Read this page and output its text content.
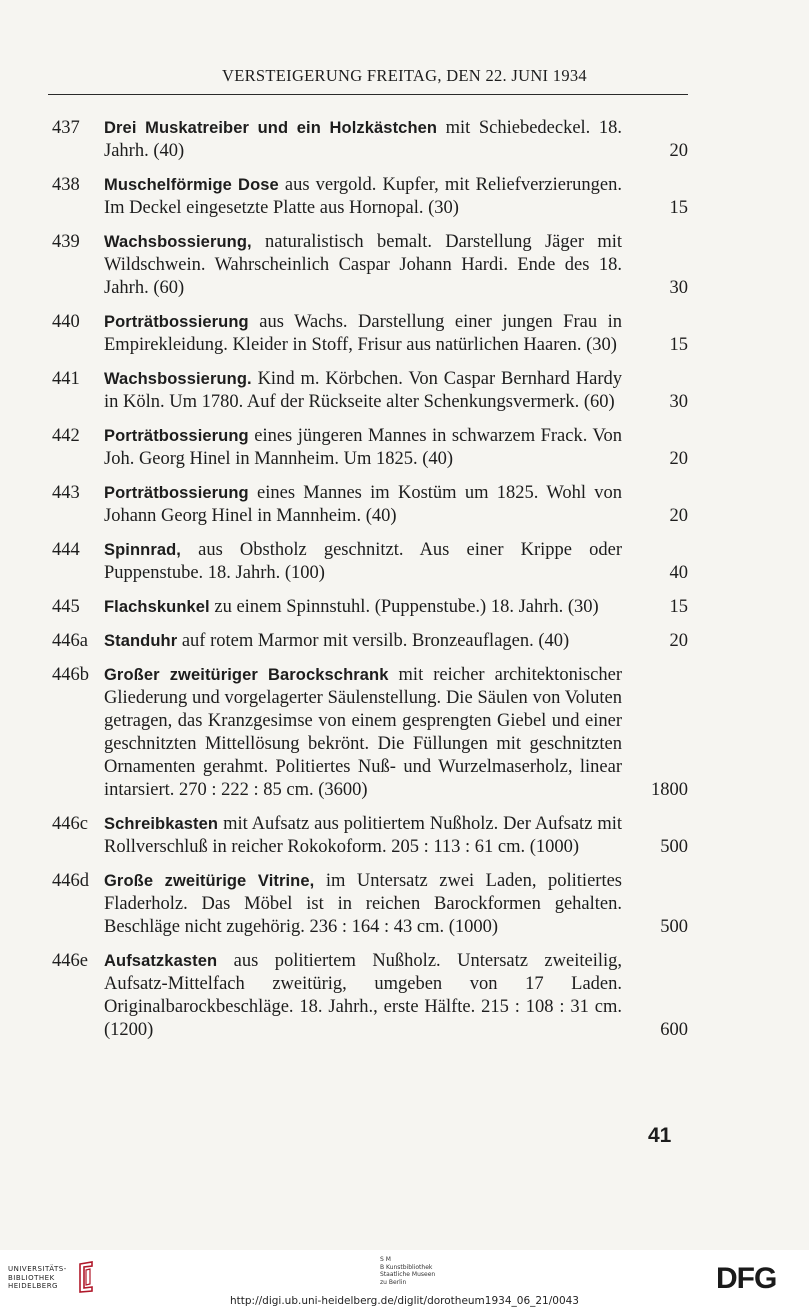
VERSTEIGERUNG FREITAG, DEN 22. JUNI 1934
437 Drei Muskatreiber und ein Holzkästchen mit Schiebedeckel. 18. Jahrh. (40)	20
438 Muschelförmige Dose aus vergold. Kupfer, mit Reliefverzierungen. Im Deckel eingesetzte Platte aus Hornopal. (30)	15
439 Wachsbossierung, naturalistisch bemalt. Darstellung Jäger mit Wildschwein. Wahrscheinlich Caspar Johann Hardi. Ende des 18. Jahrh. (60)	30
440 Porträtbossierung aus Wachs. Darstellung einer jungen Frau in Empirekleidung. Kleider in Stoff, Frisur aus natürlichen Haaren. (30)	15
441 Wachsbossierung. Kind m. Körbchen. Von Caspar Bernhard Hardy in Köln. Um 1780. Auf der Rückseite alter Schenkungsvermerk. (60)	30
442 Porträtbossierung eines jüngeren Mannes in schwarzem Frack. Von Joh. Georg Hinel in Mannheim. Um 1825. (40)	20
443 Porträtbossierung eines Mannes im Kostüm um 1825. Wohl von Johann Georg Hinel in Mannheim. (40)	20
444 Spinnrad, aus Obstholz geschnitzt. Aus einer Krippe oder Puppenstube. 18. Jahrh. (100)	40
445 Flachskunkel zu einem Spinnstuhl. (Puppenstube.) 18. Jahrh. (30)	15
446a Standuhr auf rotem Marmor mit versilb. Bronzeauflagen. (40)	20
446b Großer zweitüriger Barockschrank mit reicher architektonischer Gliederung und vorgelagerter Säulenstellung. Die Säulen von Voluten getragen, das Kranzgesimse von einem gesprengten Giebel und einer geschnitzten Mittellösung bekrönt. Die Füllungen mit geschnitzten Ornamenten gerahmt. Politiertes Nuß- und Wurzelmaserholz, linear intarsiert. 270 : 222 : 85 cm. (3600)	1800
446c Schreibkasten mit Aufsatz aus politiertem Nußholz. Der Aufsatz mit Rollverschluß in reicher Rokokoform. 205 : 113 : 61 cm. (1000)	500
446d Große zweitürige Vitrine, im Untersatz zwei Laden, politiertes Fladerholz. Das Möbel ist in reichen Barockformen gehalten. Beschläge nicht zugehörig. 236 : 164 : 43 cm. (1000)	500
446e Aufsatzkasten aus politiertem Nußholz. Untersatz zweiteilig, Aufsatz-Mittelfach zweitürig, umgeben von 17 Laden. Originalbarockbeschläge. 18. Jahrh., erste Hälfte. 215 : 108 : 31 cm. (1200)	600
41
UNIVERSITÄTS-
BIBLIOTHEK
HEIDELBERG
S M
B Kunstbibliothek
Staatliche Museen
zu Berlin	DFG
http://digi.ub.uni-heidelberg.de/diglit/dorotheum1934_06_21/0043
